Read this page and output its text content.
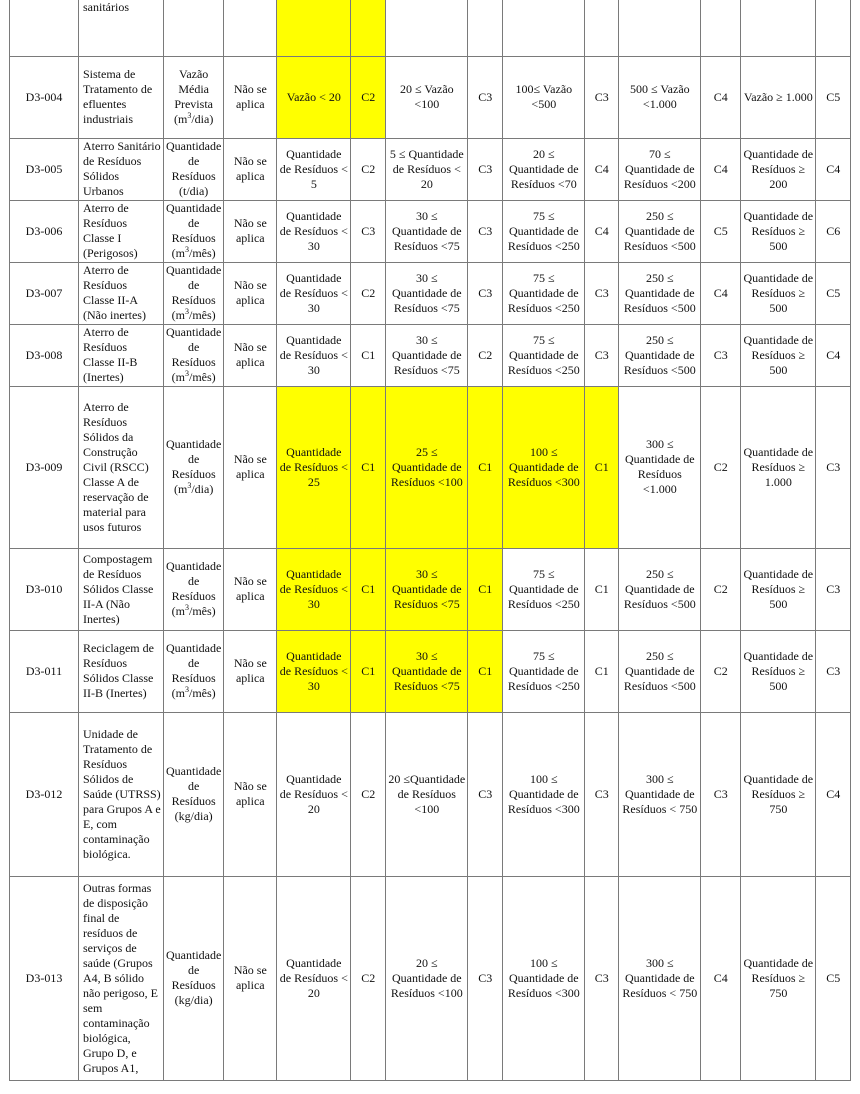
	sanitários												
D3-004	Sistema de Tratamento de efluentes industriais	Vazão Média Prevista $(m^3/dia)$	Não se aplica	Vazão < 20	C2	20 ≤ Vazão <100	C3	100≤ Vazão <500	C3	500 ≤ Vazão <1.000	C4	Vazão ≥ 1.000	C5
D3-005	Aterro Sanitário de Resíduos Sólidos Urbanos	Quantidade de Resíduos (t/dia)	Não se aplica	Quantidade de Resíduos < 5	C2	5 ≤ Quantidade de Resíduos < 20	C3	20 ≤ Quantidade de Resíduos <70	C4	70 ≤ Quantidade de Resíduos <200	C4	Quantidade de Resíduos ≥ 200	C4
D3-006	Aterro de Resíduos Classe I (Perigosos)	Quantidade de Resíduos $(m^3/mês)$	Não se aplica	Quantidade de Resíduos < 30	C3	30 ≤ Quantidade de Resíduos <75	C3	75 ≤ Quantidade de Resíduos <250	C4	250 ≤ Quantidade de Resíduos <500	C5	Quantidade de Resíduos ≥ 500	C6
D3-007	Aterro de Resíduos Classe II-A (Não inertes)	Quantidade de Resíduos $(m^3/mês)$	Não se aplica	Quantidade de Resíduos < 30	C2	30 ≤ Quantidade de Resíduos <75	C3	75 ≤ Quantidade de Resíduos <250	C3	250 ≤ Quantidade de Resíduos <500	C4	Quantidade de Resíduos ≥ 500	C5
D3-008	Aterro de Resíduos Classe II-B (Inertes)	Quantidade de Resíduos $(m^3/mês)$	Não se aplica	Quantidade de Resíduos < 30	C1	30 ≤ Quantidade de Resíduos <75	C2	75 ≤ Quantidade de Resíduos <250	C3	250 ≤ Quantidade de Resíduos <500	C3	Quantidade de Resíduos ≥ 500	C4
D3-009	Aterro de Resíduos Sólidos da Construção Civil (RSCC) Classe A de reservação de material para usos futuros	Quantidade de Resíduos $(m^3/dia)$	Não se aplica	Quantidade de Resíduos < 25	C1	25 ≤ Quantidade de Resíduos <100	C1	100 ≤ Quantidade de Resíduos <300	C1	300 ≤ Quantidade de Resíduos <1.000	C2	Quantidade de Resíduos ≥ 1.000	C3
D3-010	Compostagem de Resíduos Sólidos Classe II-A (Não Inertes)	Quantidade de Resíduos $(m^3/mês)$	Não se aplica	Quantidade de Resíduos < 30	C1	30 ≤ Quantidade de Resíduos <75	C1	75 ≤ Quantidade de Resíduos <250	C1	250 ≤ Quantidade de Resíduos <500	C2	Quantidade de Resíduos ≥ 500	C3
D3-011	Reciclagem de Resíduos Sólidos Classe II-B (Inertes)	Quantidade de Resíduos $(m^3/mês)$	Não se aplica	Quantidade de Resíduos < 30	C1	30 ≤ Quantidade de Resíduos <75	C1	75 ≤ Quantidade de Resíduos <250	C1	250 ≤ Quantidade de Resíduos <500	C2	Quantidade de Resíduos ≥ 500	C3
D3-012	Unidade de Tratamento de Resíduos Sólidos de Saúde (UTRSS) para Grupos A e E, com contaminação biológica.	Quantidade de Resíduos (kg/dia)	Não se aplica	Quantidade de Resíduos < 20	C2	20 ≤Quantidade de Resíduos <100	C3	100 ≤ Quantidade de Resíduos <300	C3	300 ≤ Quantidade de Resíduos < 750	C3	Quantidade de Resíduos ≥ 750	C4
D3-013	Outras formas de disposição final de resíduos de serviços de saúde (Grupos A4, B sólido não perigoso, E sem contaminação biológica, Grupo D, e Grupos A1,	Quantidade de Resíduos (kg/dia)	Não se aplica	Quantidade de Resíduos < 20	C2	20 ≤ Quantidade de Resíduos <100	C3	100 ≤ Quantidade de Resíduos <300	C3	300 ≤ Quantidade de Resíduos < 750	C4	Quantidade de Resíduos ≥ 750	C5
